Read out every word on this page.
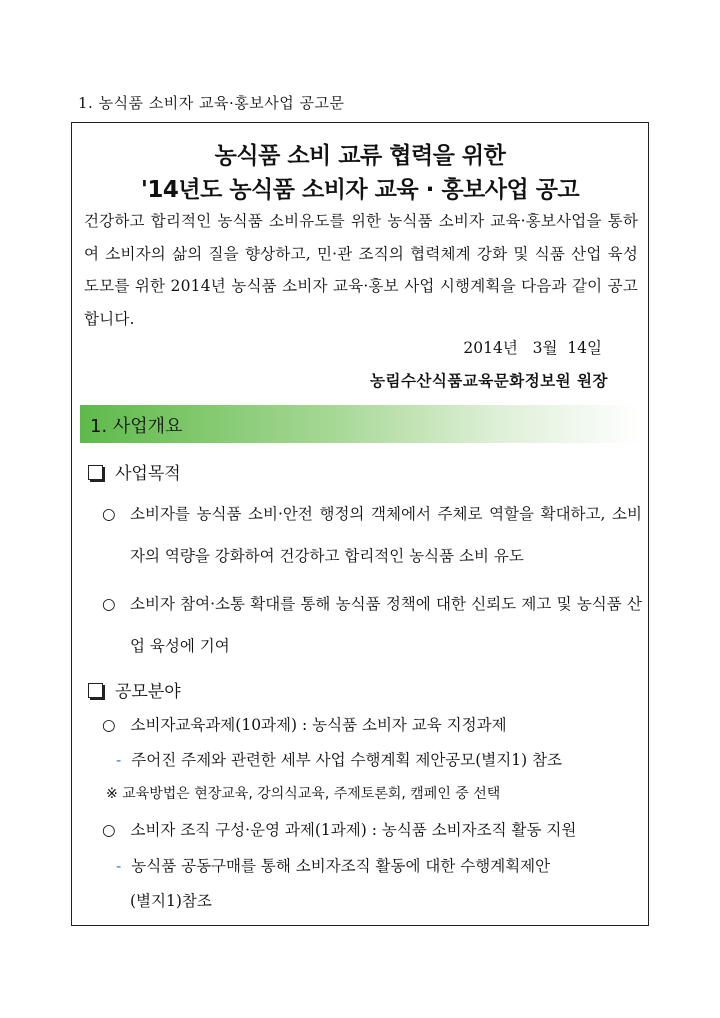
1. 농식품 소비자 교육·홍보사업 공고문
농식품 소비 교류 협력을 위한
'14년도 농식품 소비자 교육 · 홍보사업 공고
건강하고 합리적인 농식품 소비유도를 위한 농식품 소비자 교육·홍보사업을 통하여 소비자의 삶의 질을 향상하고, 민·관 조직의 협력체계 강화 및 식품 산업 육성 도모를 위한 2014년 농식품 소비자 교육·홍보 사업 시행계획을 다음과 같이 공고합니다.
2014년   3월  14일
농림수산식품교육문화정보원 원장
1. 사업개요
사업목적
○ 소비자를 농식품 소비·안전 행정의 객체에서 주체로 역할을 확대하고, 소비자의 역량을 강화하여 건강하고 합리적인 농식품 소비 유도
○ 소비자 참여·소통 확대를 통해 농식품 정책에 대한 신뢰도 제고 및 농식품 산업 육성에 기여
공모분야
○ 소비자교육과제(10과제) : 농식품 소비자 교육 지정과제
- 주어진 주제와 관련한 세부 사업 수행계획 제안공모(별지1) 참조
※ 교육방법은 현장교육, 강의식교육, 주제토론회, 캠페인 중 선택
○ 소비자 조직 구성·운영 과제(1과제) : 농식품 소비자조직 활동 지원
- 농식품 공동구매를 통해 소비자조직 활동에 대한 수행계획제안
(별지1)참조
